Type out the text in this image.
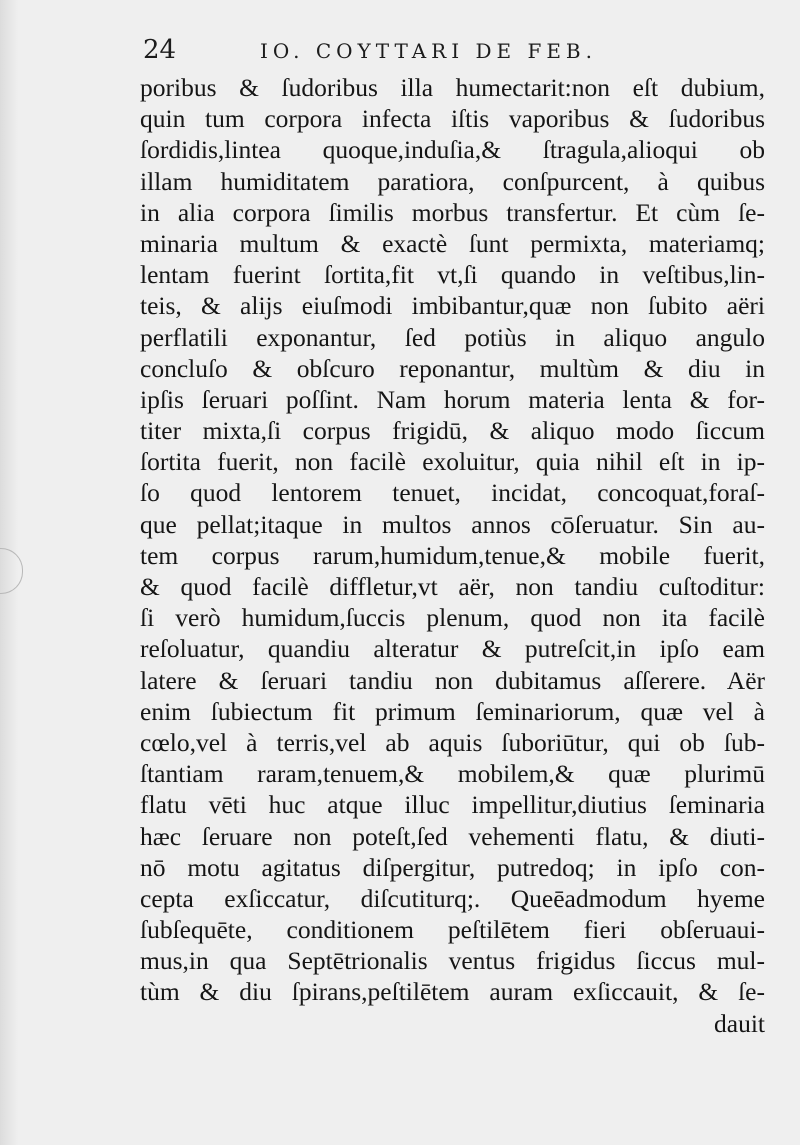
24	IO. COYTTARI DE FEB.
poribus & ſudoribus illa humectarit:non eſt dubium,
quin tum corpora infecta iſtis vaporibus & ſudoribus
ſordidis,lintea quoque,induſia,& ſtragula,alioqui ob
illam humiditatem paratiora, conſpurcent, à quibus
in alia corpora ſimilis morbus transfertur. Et cùm ſe-
minaria multum & exactè ſunt permixta, materiamq;
lentam fuerint ſortita,fit vt,ſi quando in veſtibus,lin-
teis, & alijs eiuſmodi imbibantur,quæ non ſubito aëri
perflatili exponantur, ſed potiùs in aliquo angulo
concluſo & obſcuro reponantur, multùm & diu in
ipſis ſeruari poſſint. Nam horum materia lenta & for-
titer mixta,ſi corpus frigidū, & aliquo modo ſiccum
ſortita fuerit, non facilè exoluitur, quia nihil eſt in ip-
ſo quod lentorem tenuet, incidat, concoquat,foraſ-
que pellat;itaque in multos annos cōſeruatur. Sin au-
tem corpus rarum,humidum,tenue,& mobile fuerit,
& quod facilè diffletur,vt aër, non tandiu cuſtoditur:
ſi verò humidum,ſuccis plenum, quod non ita facilè
reſoluatur, quandiu alteratur & putreſcit,in ipſo eam
latere & ſeruari tandiu non dubitamus aſſerere. Aër
enim ſubiectum fit primum ſeminariorum, quæ vel à
cœlo,vel à terris,vel ab aquis ſuboriūtur, qui ob ſub-
ſtantiam raram,tenuem,& mobilem,& quæ plurimū
flatu vēti huc atque illuc impellitur,diutius ſeminaria
hæc ſeruare non poteſt,ſed vehementi flatu, & diuti-
nō motu agitatus diſpergitur, putredoq; in ipſo con-
cepta exſiccatur, diſcutiturq;. Queēadmodum hyeme
ſubſequēte, conditionem peſtilētem fieri obſeruaui-
mus,in qua Septētrionalis ventus frigidus ſiccus mul-
tùm & diu ſpirans,peſtilētem auram exſiccauit, & ſe-
dauit
